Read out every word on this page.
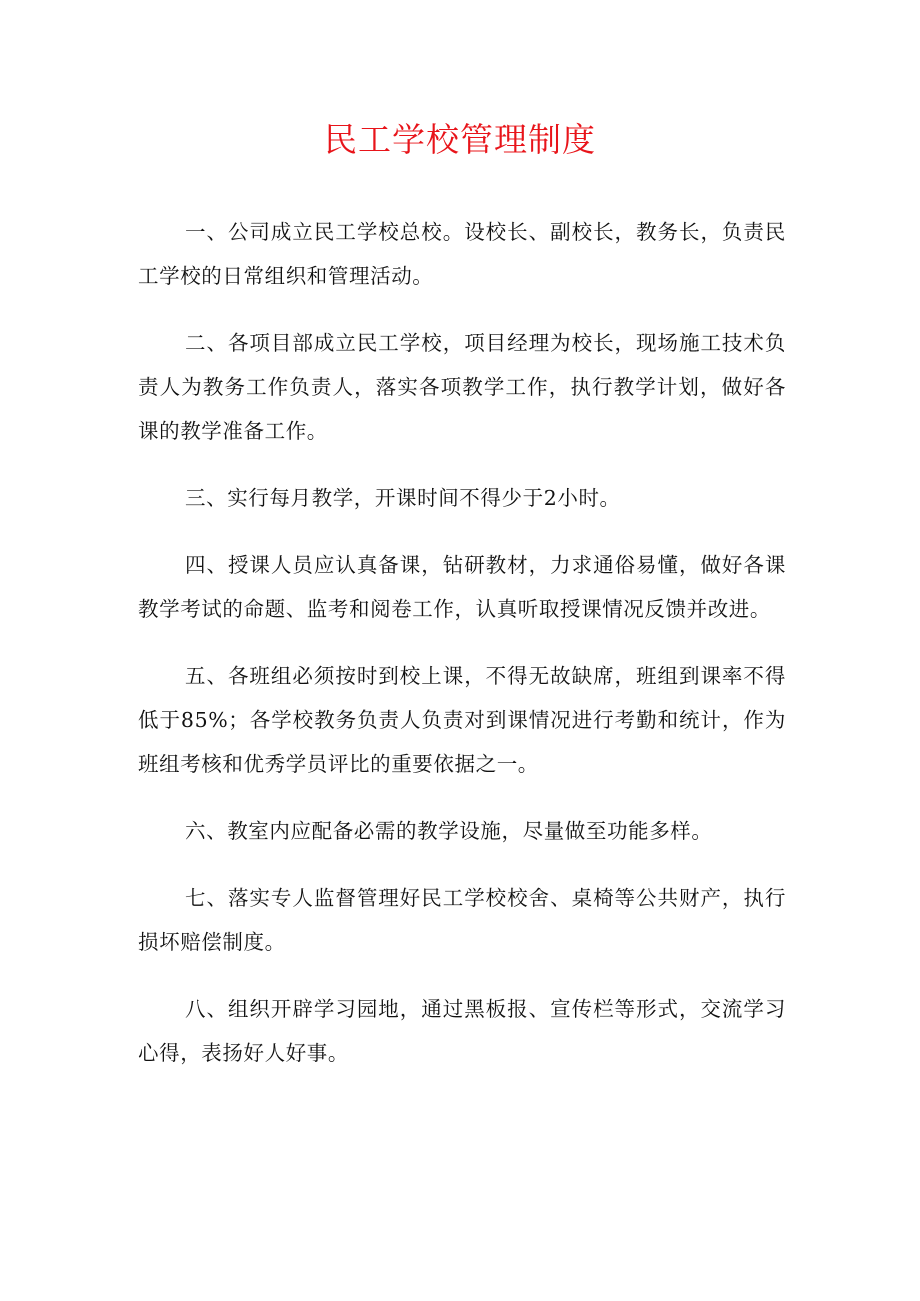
民工学校管理制度

一、公司成立民工学校总校。设校长、副校长，教务长，负责民工学校的日常组织和管理活动。

二、各项目部成立民工学校，项目经理为校长，现场施工技术负责人为教务工作负责人，落实各项教学工作，执行教学计划，做好各课的教学准备工作。

三、实行每月教学，开课时间不得少于2小时。

四、授课人员应认真备课，钻研教材，力求通俗易懂，做好各课教学考试的命题、监考和阅卷工作，认真听取授课情况反馈并改进。

五、各班组必须按时到校上课，不得无故缺席，班组到课率不得低于85%；各学校教务负责人负责对到课情况进行考勤和统计，作为班组考核和优秀学员评比的重要依据之一。

六、教室内应配备必需的教学设施，尽量做至功能多样。

七、落实专人监督管理好民工学校校舍、桌椅等公共财产，执行损坏赔偿制度。

八、组织开辟学习园地，通过黑板报、宣传栏等形式，交流学习心得，表扬好人好事。
